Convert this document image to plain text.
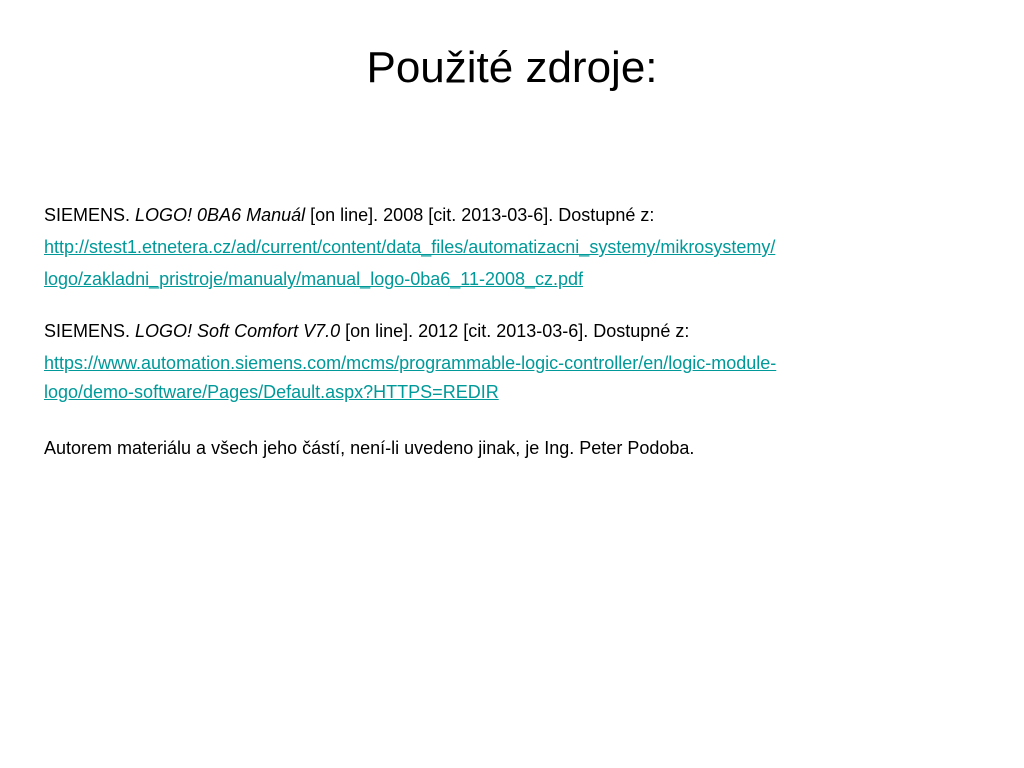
Použité zdroje:
SIEMENS. LOGO! 0BA6 Manuál [on line]. 2008 [cit. 2013-03-6]. Dostupné z:
http://stest1.etnetera.cz/ad/current/content/data_files/automatizacni_systemy/mikrosystemy/
logo/zakladni_pristroje/manualy/manual_logo-0ba6_11-2008_cz.pdf
SIEMENS. LOGO! Soft Comfort V7.0 [on line]. 2012 [cit. 2013-03-6]. Dostupné z:
https://www.automation.siemens.com/mcms/programmable-logic-controller/en/logic-module-
logo/demo-software/Pages/Default.aspx?HTTPS=REDIR
Autorem materiálu a všech jeho částí, není-li uvedeno jinak, je Ing. Peter Podoba.
